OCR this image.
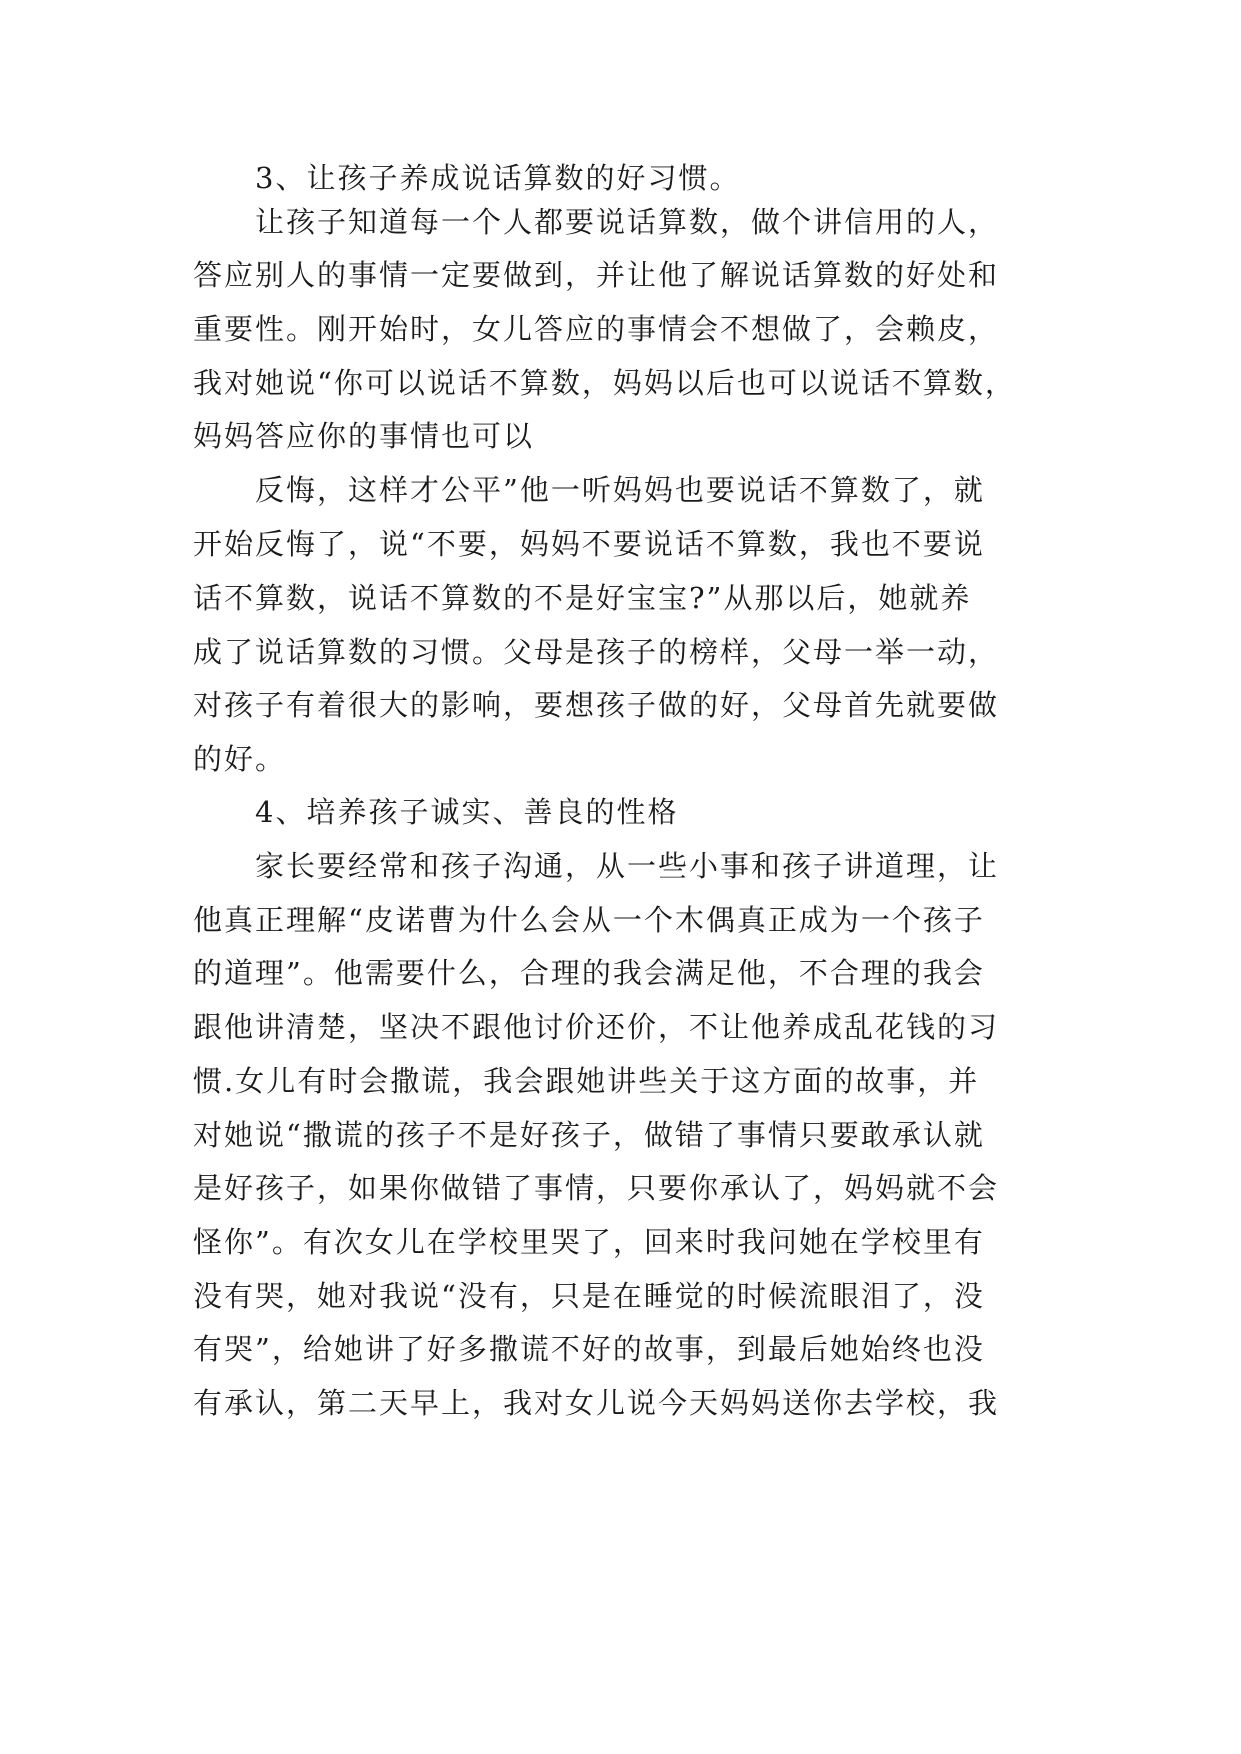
3、让孩子养成说话算数的好习惯。
让孩子知道每一个人都要说话算数，做个讲信用的人，
答应别人的事情一定要做到，并让他了解说话算数的好处和
重要性。刚开始时，女儿答应的事情会不想做了，会赖皮，
我对她说“你可以说话不算数，妈妈以后也可以说话不算数，
妈妈答应你的事情也可以
反悔，这样才公平”他一听妈妈也要说话不算数了，就
开始反悔了，说“不要，妈妈不要说话不算数，我也不要说
话不算数，说话不算数的不是好宝宝?”从那以后，她就养
成了说话算数的习惯。父母是孩子的榜样，父母一举一动，
对孩子有着很大的影响，要想孩子做的好，父母首先就要做
的好。
4、培养孩子诚实、善良的性格
家长要经常和孩子沟通，从一些小事和孩子讲道理，让
他真正理解“皮诺曹为什么会从一个木偶真正成为一个孩子
的道理”。他需要什么，合理的我会满足他，不合理的我会
跟他讲清楚，坚决不跟他讨价还价，不让他养成乱花钱的习
惯.女儿有时会撒谎，我会跟她讲些关于这方面的故事，并
对她说“撒谎的孩子不是好孩子，做错了事情只要敢承认就
是好孩子，如果你做错了事情，只要你承认了，妈妈就不会
怪你”。有次女儿在学校里哭了，回来时我问她在学校里有
没有哭，她对我说“没有，只是在睡觉的时候流眼泪了，没
有哭”，给她讲了好多撒谎不好的故事，到最后她始终也没
有承认，第二天早上，我对女儿说今天妈妈送你去学校，我
